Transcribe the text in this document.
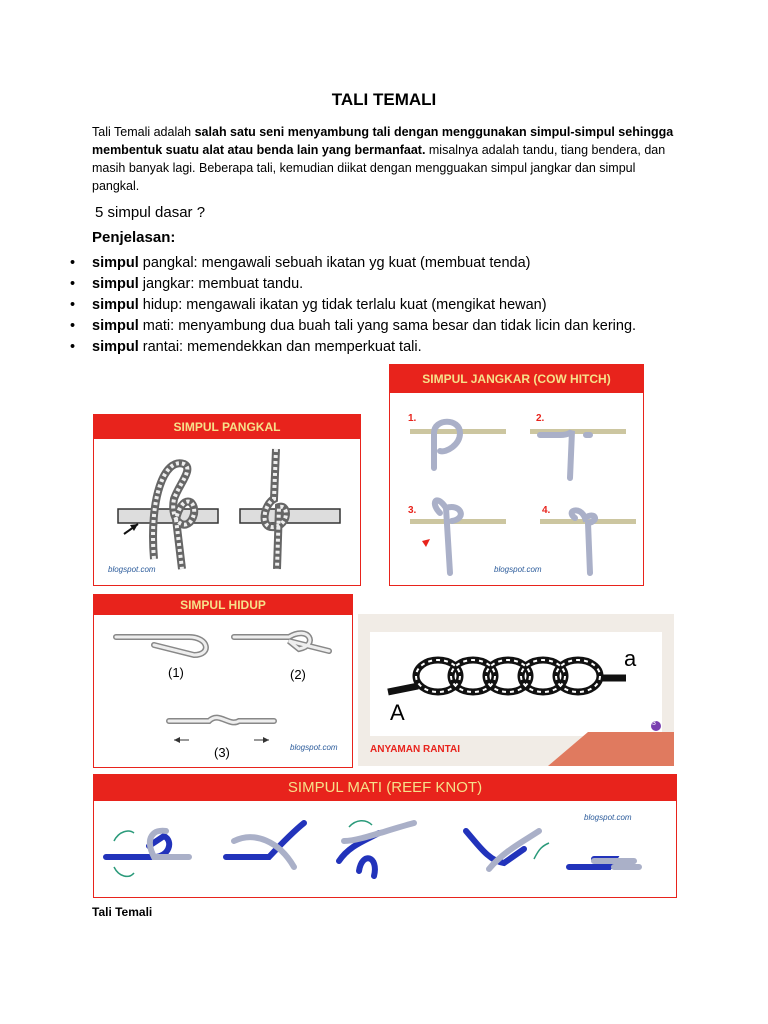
TALI TEMALI
Tali Temali adalah salah satu seni menyambung tali dengan menggunakan simpul-simpul sehingga membentuk suatu alat atau benda lain yang bermanfaat. misalnya adalah tandu, tiang bendera, dan masih banyak lagi. Beberapa tali, kemudian diikat dengan mengguakan simpul jangkar dan simpul pangkal.
5 simpul dasar ?
Penjelasan:
• simpul pangkal: mengawali sebuah ikatan yg kuat (membuat tenda)
• simpul jangkar: membuat tandu.
• simpul hidup: mengawali ikatan yg tidak terlalu kuat (mengikat hewan)
• simpul mati: menyambung dua buah tali yang sama besar dan tidak licin dan kering.
• simpul rantai: memendekkan dan memperkuat tali.
SIMPUL PANGKAL
blogspot.com
SIMPUL JANGKAR (COW HITCH)
1.	2.
3.	4.
blogspot.com
SIMPUL HIDUP
(1)	(2)
(3)	blogspot.com
A
a
3
ANYAMAN RANTAI
SIMPUL MATI (REEF KNOT)
blogspot.com
Tali Temali
